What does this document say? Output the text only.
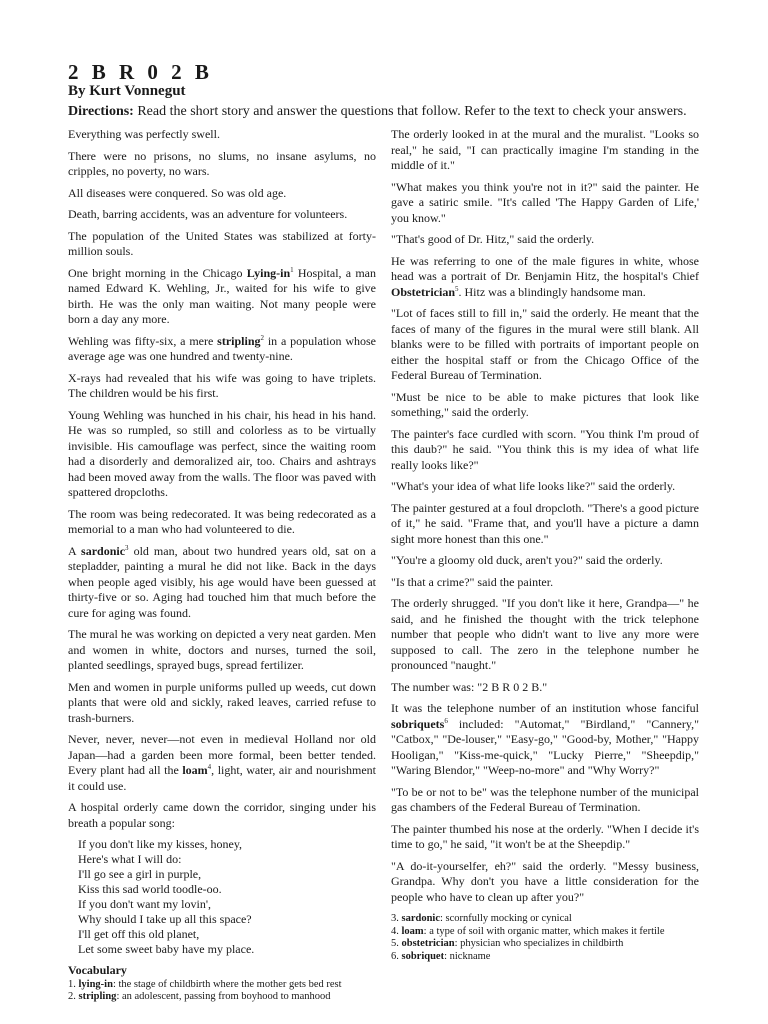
2 B R 0 2 B
By Kurt Vonnegut

Directions: Read the short story and answer the questions that follow. Refer to the text to check your answers.

Everything was perfectly swell.

There were no prisons, no slums, no insane asylums, no cripples, no poverty, no wars.

All diseases were conquered. So was old age.

Death, barring accidents, was an adventure for volunteers.

The population of the United States was stabilized at forty-million souls.

One bright morning in the Chicago Lying-$in^1$ Hospital, a man named Edward K. Wehling, Jr., waited for his wife to give birth. He was the only man waiting. Not many people were born a day any more.

Wehling was fifty-six, a mere stripling$^2$ in a population whose average age was one hundred and twenty-nine.

X-rays had revealed that his wife was going to have triplets. The children would be his first.

Young Wehling was hunched in his chair, his head in his hand. He was so rumpled, so still and colorless as to be virtually invisible. His camouflage was perfect, since the waiting room had a disorderly and demoralized air, too. Chairs and ashtrays had been moved away from the walls. The floor was paved with spattered dropcloths.

The room was being redecorated. It was being redecorated as a memorial to a man who had volunteered to die.

A sardonic$^3$ old man, about two hundred years old, sat on a stepladder, painting a mural he did not like. Back in the days when people aged visibly, his age would have been guessed at thirty-five or so. Aging had touched him that much before the cure for aging was found.

The mural he was working on depicted a very neat garden. Men and women in white, doctors and nurses, turned the soil, planted seedlings, sprayed bugs, spread fertilizer.

Men and women in purple uniforms pulled up weeds, cut down plants that were old and sickly, raked leaves, carried refuse to trash-burners.

Never, never, never—not even in medieval Holland nor old Japan—had a garden been more formal, been better tended. Every plant had all the loam$^4$, light, water, air and nourishment it could use.

A hospital orderly came down the corridor, singing under his breath a popular song:

If you don't like my kisses, honey,
Here's what I will do:
I'll go see a girl in purple,
Kiss this sad world toodle-oo.
If you don't want my lovin',
Why should I take up all this space?
I'll get off this old planet,
Let some sweet baby have my place.
Vocabulary
1. lying-in: the stage of childbirth where the mother gets bed rest
2. stripling: an adolescent, passing from boyhood to manhood

The orderly looked in at the mural and the muralist. "Looks so real," he said, "I can practically imagine I'm standing in the middle of it."

"What makes you think you're not in it?" said the painter. He gave a satiric smile. "It's called 'The Happy Garden of Life,' you know."

"That's good of Dr. Hitz," said the orderly.

He was referring to one of the male figures in white, whose head was a portrait of Dr. Benjamin Hitz, the hospital's Chief Obstetrician$^5$. Hitz was a blindingly handsome man.

"Lot of faces still to fill in," said the orderly. He meant that the faces of many of the figures in the mural were still blank. All blanks were to be filled with portraits of important people on either the hospital staff or from the Chicago Office of the Federal Bureau of Termination.

"Must be nice to be able to make pictures that look like something," said the orderly.

The painter's face curdled with scorn. "You think I'm proud of this daub?" he said. "You think this is my idea of what life really looks like?"

"What's your idea of what life looks like?" said the orderly.

The painter gestured at a foul dropcloth. "There's a good picture of it," he said. "Frame that, and you'll have a picture a damn sight more honest than this one."

"You're a gloomy old duck, aren't you?" said the orderly.

"Is that a crime?" said the painter.

The orderly shrugged. "If you don't like it here, Grandpa—" he said, and he finished the thought with the trick telephone number that people who didn't want to live any more were supposed to call. The zero in the telephone number he pronounced "naught."

The number was: "2 B R 0 2 B."

It was the telephone number of an institution whose fanciful sobriquets$^6$ included: "Automat," "Birdland," "Cannery," "Catbox," "De-louser," "Easy-go," "Good-by, Mother," "Happy Hooligan," "Kiss-me-quick," "Lucky Pierre," "Sheepdip," "Waring Blendor," "Weep-no-more" and "Why Worry?"

"To be or not to be" was the telephone number of the municipal gas chambers of the Federal Bureau of Termination.

The painter thumbed his nose at the orderly. "When I decide it's time to go," he said, "it won't be at the Sheepdip."

"A do-it-yourselfer, eh?" said the orderly. "Messy business, Grandpa. Why don't you have a little consideration for the people who have to clean up after you?"

3. sardonic: scornfully mocking or cynical
4. loam: a type of soil with organic matter, which makes it fertile
5. obstetrician: physician who specializes in childbirth
6. sobriquet: nickname
